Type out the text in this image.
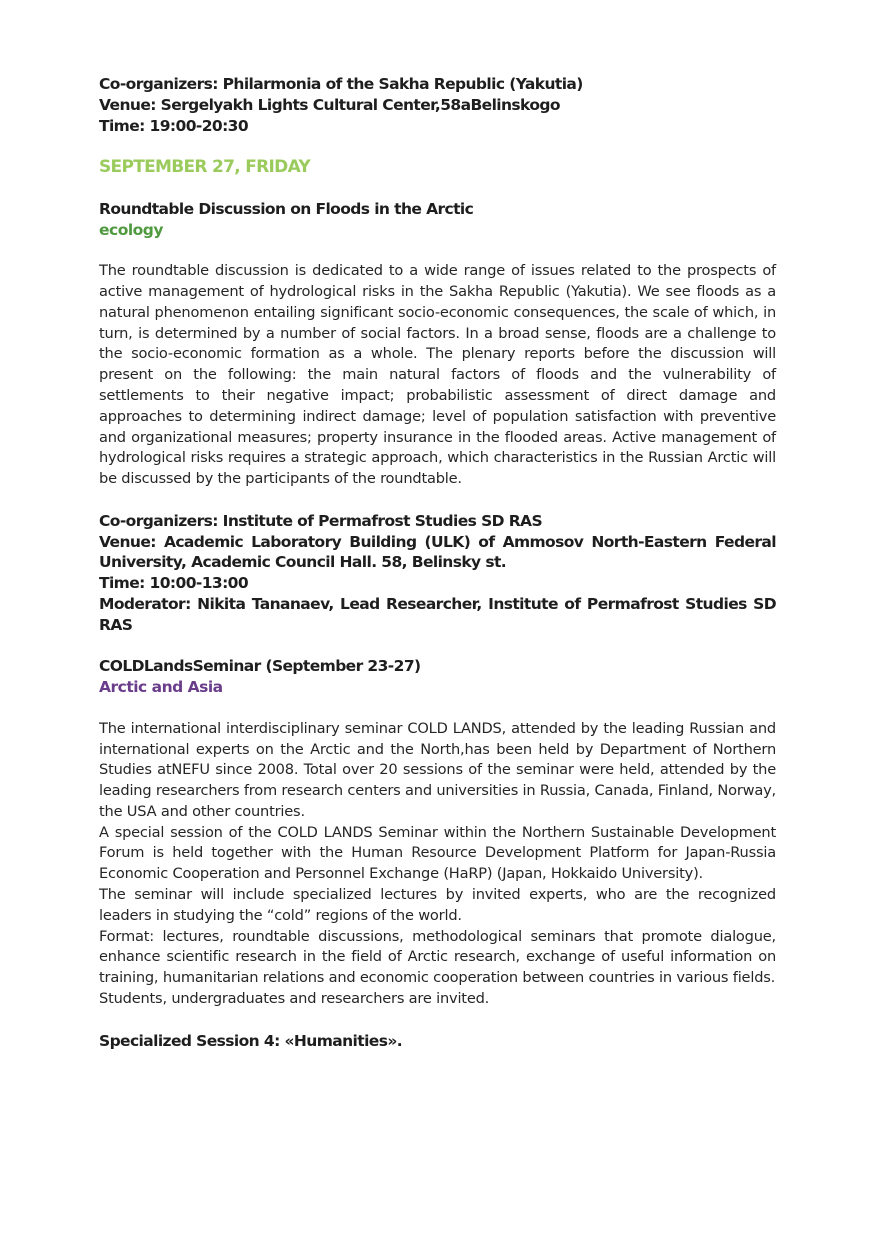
Co-organizers: Philarmonia of the Sakha Republic (Yakutia)

Venue: Sergelyakh Lights Cultural Center,58aBelinskogo

Time: 19:00-20:30

SEPTEMBER 27, FRIDAY

Roundtable Discussion on Floods in the Arctic

ecology

The roundtable discussion is dedicated to a wide range of issues related to the prospects of active management of hydrological risks in the Sakha Republic (Yakutia). We see floods as a natural phenomenon entailing significant socio-economic consequences, the scale of which, in turn, is determined by a number of social factors. In a broad sense, floods are a challenge to the socio-economic formation as a whole. The plenary reports before the discussion will present on the following: the main natural factors of floods and the vulnerability of settlements to their negative impact; probabilistic assessment of direct damage and approaches to determining indirect damage; level of population satisfaction with preventive and organizational measures; property insurance in the flooded areas. Active management of hydrological risks requires a strategic approach, which characteristics in the Russian Arctic will be discussed by the participants of the roundtable.

Co-organizers: Institute of Permafrost Studies SD RAS

Venue: Academic Laboratory Building (ULK) of Ammosov North-Eastern Federal University, Academic Council Hall. 58, Belinsky st.

Time: 10:00-13:00

Moderator: Nikita Tananaev, Lead Researcher, Institute of Permafrost Studies SD RAS

COLDLandsSeminar (September 23-27)

Arctic and Asia

The international interdisciplinary seminar COLD LANDS, attended by the leading Russian and international experts on the Arctic and the North,has been held by Department of Northern Studies atNEFU since 2008. Total over 20 sessions of the seminar were held, attended by the leading researchers from research centers and universities in Russia, Canada, Finland, Norway, the USA and other countries.

A special session of the COLD LANDS Seminar within the Northern Sustainable Development Forum is held together with the Human Resource Development Platform for Japan-Russia Economic Cooperation and Personnel Exchange (HaRP) (Japan, Hokkaido University).

The seminar will include specialized lectures by invited experts, who are the recognized leaders in studying the “cold” regions of the world.

Format: lectures, roundtable discussions, methodological seminars that promote dialogue, enhance scientific research in the field of Arctic research, exchange of useful information on training, humanitarian relations and economic cooperation between countries in various fields.

Students, undergraduates and researchers are invited.

Specialized Session 4: «Humanities».
